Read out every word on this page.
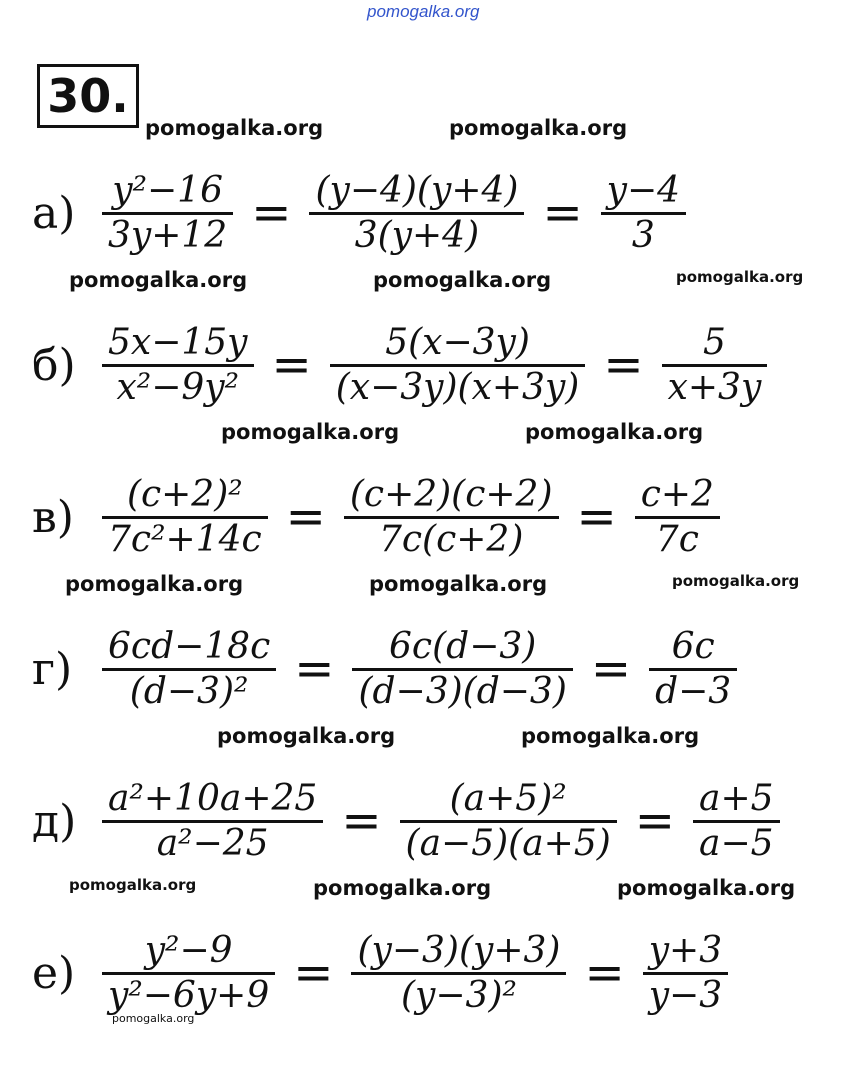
pomogalka.org
30.
pomogalka.org	pomogalka.org
pomogalka.org	pomogalka.org	pomogalka.org
pomogalka.org	pomogalka.org
pomogalka.org	pomogalka.org	pomogalka.org
pomogalka.org	pomogalka.org
pomogalka.org	pomogalka.org	pomogalka.org
pomogalka.org
$а) \frac{\text{y²−16}}{3y+12} = \frac{(y-4)(y+4)}{3(y+4)} = \frac{y-4}{3}$
$б) \frac{5x-15y}{\text{x²−9y²}} = \frac{5(x-3y)}{(x-3y)(x+3y)} = \frac{5}{x+3y}$
$в) \frac{\text{(c+2)²}}{\text{7c²+14c}} = \frac{(c+2)(c+2)}{7c(c+2)} = \frac{c+2}{7c}$
$г) \frac{6cd-18c}{\text{(d−3)²}} = \frac{6c(d-3)}{(d-3)(d-3)} = \frac{6c}{d-3}$
$д) \frac{\text{a²+10a+25}}{\text{a²−25}} = \frac{\text{(a+5)²}}{(a-5)(a+5)} = \frac{a+5}{a-5}$
$е) \frac{\text{y²−9}}{\text{y²−6y+9}} = \frac{(y-3)(y+3)}{\text{(y−3)²}} = \frac{y+3}{y-3}$
